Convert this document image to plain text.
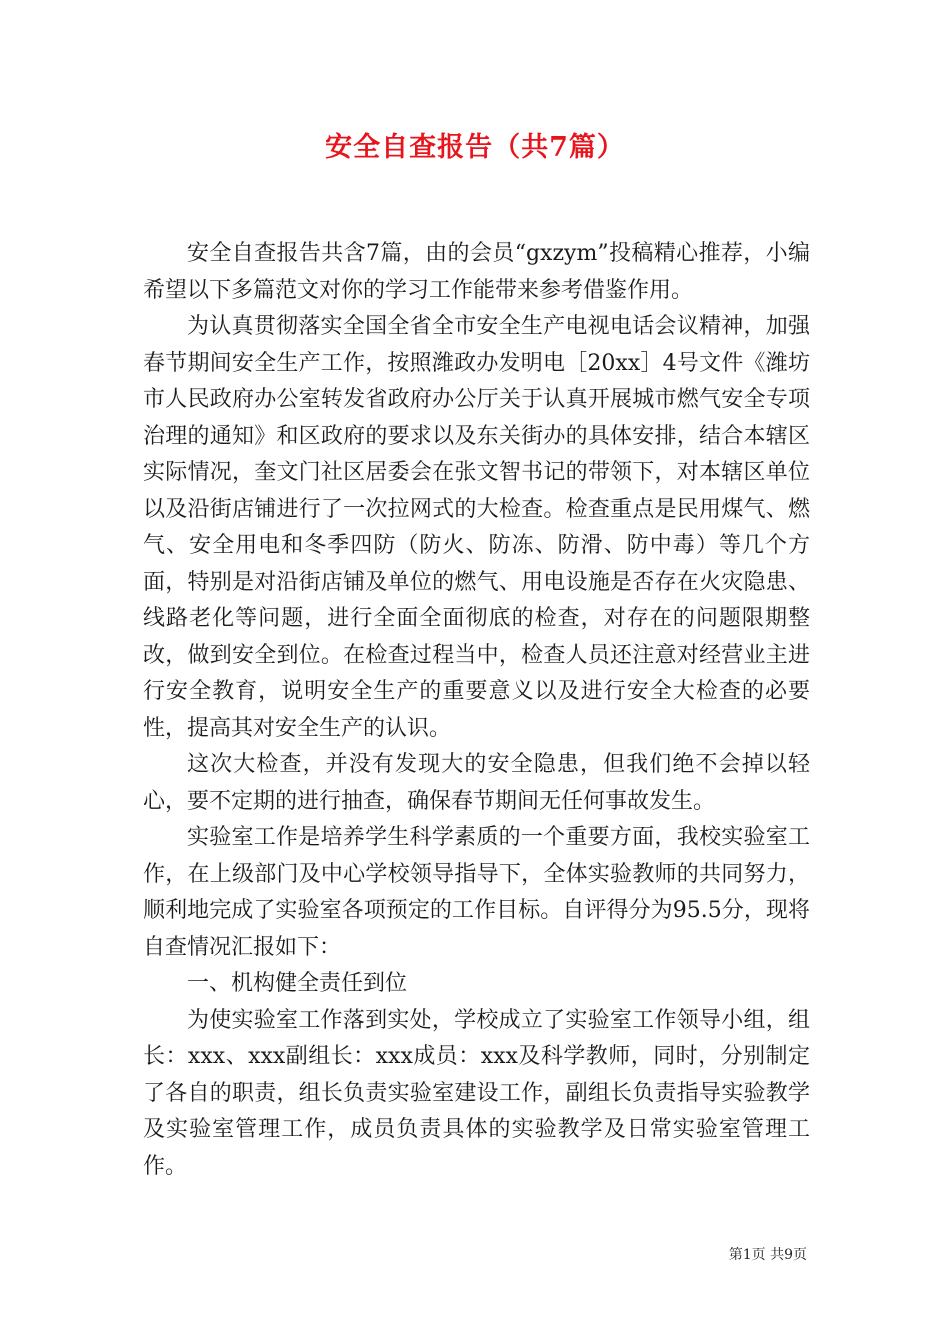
安全自查报告（共7篇）

安全自查报告共含7篇，由的会员“gxzym”投稿精心推荐，小编希望以下多篇范文对你的学习工作能带来参考借鉴作用。

为认真贯彻落实全国全省全市安全生产电视电话会议精神，加强春节期间安全生产工作，按照潍政办发明电［20xx］4号文件《潍坊市人民政府办公室转发省政府办公厅关于认真开展城市燃气安全专项治理的通知》和区政府的要求以及东关街办的具体安排，结合本辖区实际情况，奎文门社区居委会在张文智书记的带领下，对本辖区单位以及沿街店铺进行了一次拉网式的大检查。检查重点是民用煤气、燃气、安全用电和冬季四防（防火、防冻、防滑、防中毒）等几个方面，特别是对沿街店铺及单位的燃气、用电设施是否存在火灾隐患、线路老化等问题，进行全面全面彻底的检查，对存在的问题限期整改，做到安全到位。在检查过程当中，检查人员还注意对经营业主进行安全教育，说明安全生产的重要意义以及进行安全大检查的必要性，提高其对安全生产的认识。

这次大检查，并没有发现大的安全隐患，但我们绝不会掉以轻心，要不定期的进行抽查，确保春节期间无任何事故发生。

实验室工作是培养学生科学素质的一个重要方面，我校实验室工作，在上级部门及中心学校领导指导下，全体实验教师的共同努力，顺利地完成了实验室各项预定的工作目标。自评得分为95.5分，现将自查情况汇报如下：

一、机构健全责任到位

为使实验室工作落到实处，学校成立了实验室工作领导小组，组长：xxx、xxx副组长：xxx成员：xxx及科学教师，同时，分别制定了各自的职责，组长负责实验室建设工作，副组长负责指导实验教学及实验室管理工作，成员负责具体的实验教学及日常实验室管理工作。

第1页 共9页
